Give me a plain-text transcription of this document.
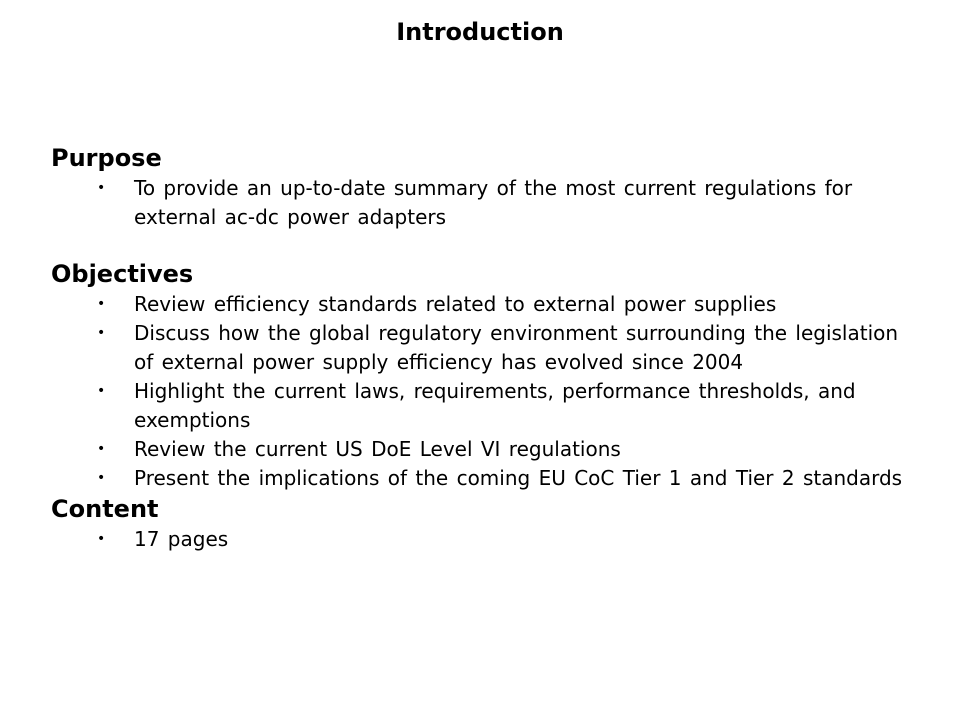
Introduction
Purpose
• To provide an up-to-date summary of the most current regulations for external ac-dc power adapters
Objectives
• Review efficiency standards related to external power supplies
• Discuss how the global regulatory environment surrounding the legislation of external power supply efficiency has evolved since 2004
• Highlight the current laws, requirements, performance thresholds, and exemptions
• Review the current US DoE Level VI regulations
• Present the implications of the coming EU CoC Tier 1 and Tier 2 standards
Content
• 17 pages
